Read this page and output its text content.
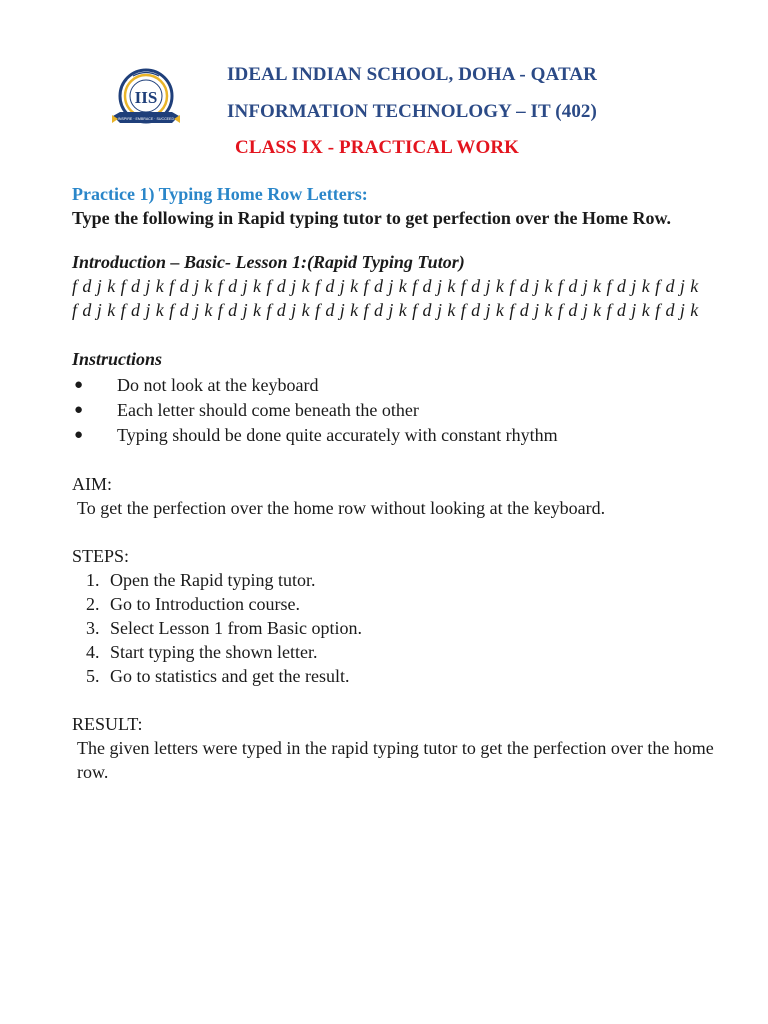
IIS
INSPIRE · EMBRACE · SUCCEED
IDEAL INDIAN SCHOOL, DOHA - QATAR
INFORMATION TECHNOLOGY – IT (402)
CLASS IX - PRACTICAL WORK

Practice 1) Typing Home Row Letters:

Type the following in Rapid typing tutor to get perfection over the Home Row.

Introduction – Basic- Lesson 1:(Rapid Typing Tutor)

f d j k f d j k f d j k f d j k f d j k f d j k f d j k f d j k f d j k f d j k f d j k f d j k f d j k

f d j k f d j k f d j k f d j k f d j k f d j k f d j k f d j k f d j k f d j k f d j k f d j k f d j k

Instructions

● Do not look at the keyboard
● Each letter should come beneath the other
● Typing should be done quite accurately with constant rhythm

AIM:

To get the perfection over the home row without looking at the keyboard.

STEPS:

1. Open the Rapid typing tutor.
2. Go to Introduction course.
3. Select Lesson 1 from Basic option.
4. Start typing the shown letter.
5. Go to statistics and get the result.

RESULT:

The given letters were typed in the rapid typing tutor to get the perfection over the home row.
